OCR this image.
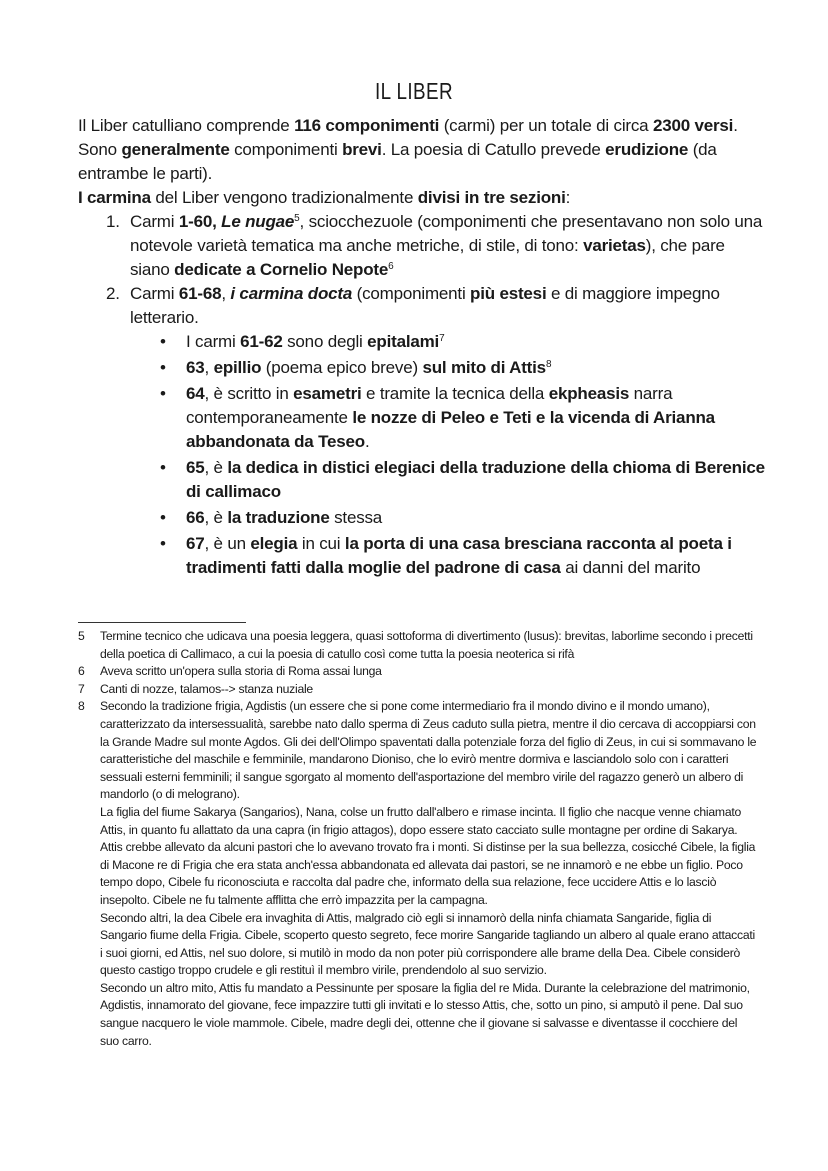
IL LIBER

Il Liber catulliano comprende 116 componimenti (carmi) per un totale di circa 2300 versi.

Sono generalmente componimenti brevi. La poesia di Catullo prevede erudizione (da entrambe le parti).

I carmina del Liber vengono tradizionalmente divisi in tre sezioni:

1. Carmi 1-60, Le nugae$^5$, sciocchezuole (componimenti che presentavano non solo una notevole varietà tematica ma anche metriche, di stile, di tono: varietas), che pare siano dedicate a Cornelio Nepote$^6$
2. Carmi 61-68, i carmina docta (componimenti più estesi e di maggiore impegno letterario.
• I carmi 61-62 sono degli epitalami$^7$
• 63, epillio (poema epico breve) sul mito di Attis$^8$
• 64, è scritto in esametri e tramite la tecnica della ekpheasis narra contemporaneamente le nozze di Peleo e Teti e la vicenda di Arianna abbandonata da Teseo.
• 65, è la dedica in distici elegiaci della traduzione della chioma di Berenice di callimaco
• 66, è la traduzione stessa
• 67, è un elegia in cui la porta di una casa bresciana racconta al poeta i tradimenti fatti dalla moglie del padrone di casa ai danni del marito
5 Termine tecnico che udicava una poesia leggera, quasi sottoforma di divertimento (lusus): brevitas, laborlime secondo i precetti della poetica di Callimaco, a cui la poesia di catullo così come tutta la poesia neoterica si rifà

6 Aveva scritto un'opera sulla storia di Roma assai lunga

7 Canti di nozze, talamos--> stanza nuziale

8 Secondo la tradizione frigia, Agdistis (un essere che si pone come intermediario fra il mondo divino e il mondo umano), caratterizzato da intersessualità, sarebbe nato dallo sperma di Zeus caduto sulla pietra, mentre il dio cercava di accoppiarsi con la Grande Madre sul monte Agdos. Gli dei dell'Olimpo spaventati dalla potenziale forza del figlio di Zeus, in cui si sommavano le caratteristiche del maschile e femminile, mandarono Dioniso, che lo evirò mentre dormiva e lasciandolo solo con i caratteri sessuali esterni femminili; il sangue sgorgato al momento dell'asportazione del membro virile del ragazzo generò un albero di mandorlo (o di melograno).

La figlia del fiume Sakarya (Sangarios), Nana, colse un frutto dall'albero e rimase incinta. Il figlio che nacque venne chiamato Attis, in quanto fu allattato da una capra (in frigio attagos), dopo essere stato cacciato sulle montagne per ordine di Sakarya.

Attis crebbe allevato da alcuni pastori che lo avevano trovato fra i monti. Si distinse per la sua bellezza, cosicché Cibele, la figlia di Macone re di Frigia che era stata anch'essa abbandonata ed allevata dai pastori, se ne innamorò e ne ebbe un figlio. Poco tempo dopo, Cibele fu riconosciuta e raccolta dal padre che, informato della sua relazione, fece uccidere Attis e lo lasciò insepolto. Cibele ne fu talmente afflitta che errò impazzita per la campagna.

Secondo altri, la dea Cibele era invaghita di Attis, malgrado ciò egli si innamorò della ninfa chiamata Sangaride, figlia di Sangario fiume della Frigia. Cibele, scoperto questo segreto, fece morire Sangaride tagliando un albero al quale erano attaccati i suoi giorni, ed Attis, nel suo dolore, si mutilò in modo da non poter più corrispondere alle brame della Dea. Cibele considerò questo castigo troppo crudele e gli restituì il membro virile, prendendolo al suo servizio.

Secondo un altro mito, Attis fu mandato a Pessinunte per sposare la figlia del re Mida. Durante la celebrazione del matrimonio, Agdistis, innamorato del giovane, fece impazzire tutti gli invitati e lo stesso Attis, che, sotto un pino, si amputò il pene. Dal suo sangue nacquero le viole mammole. Cibele, madre degli dei, ottenne che il giovane si salvasse e diventasse il cocchiere del suo carro.
